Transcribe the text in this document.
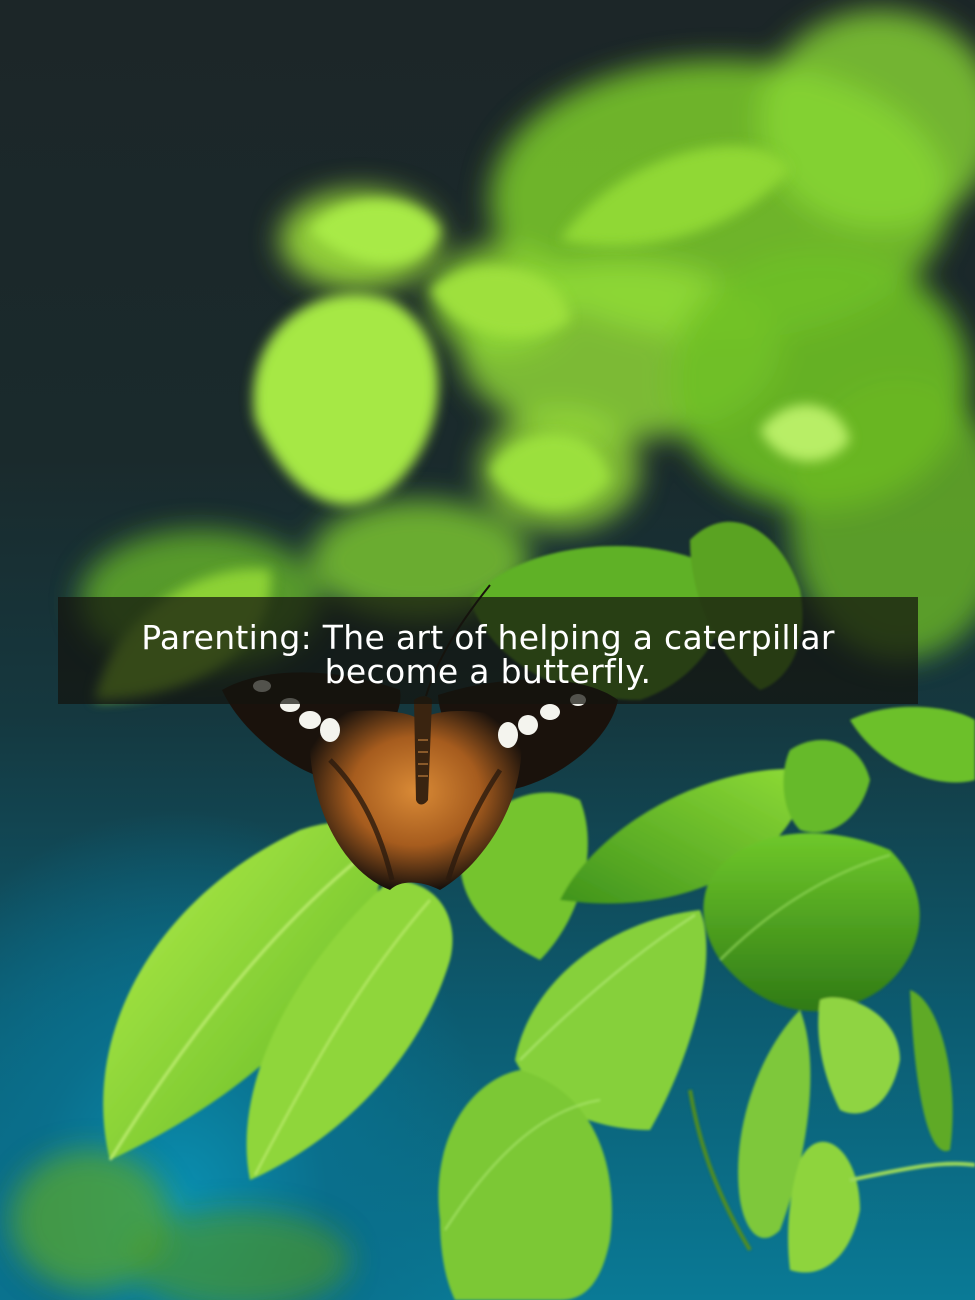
Parenting: The art of helping a caterpillar
become a butterfly.
